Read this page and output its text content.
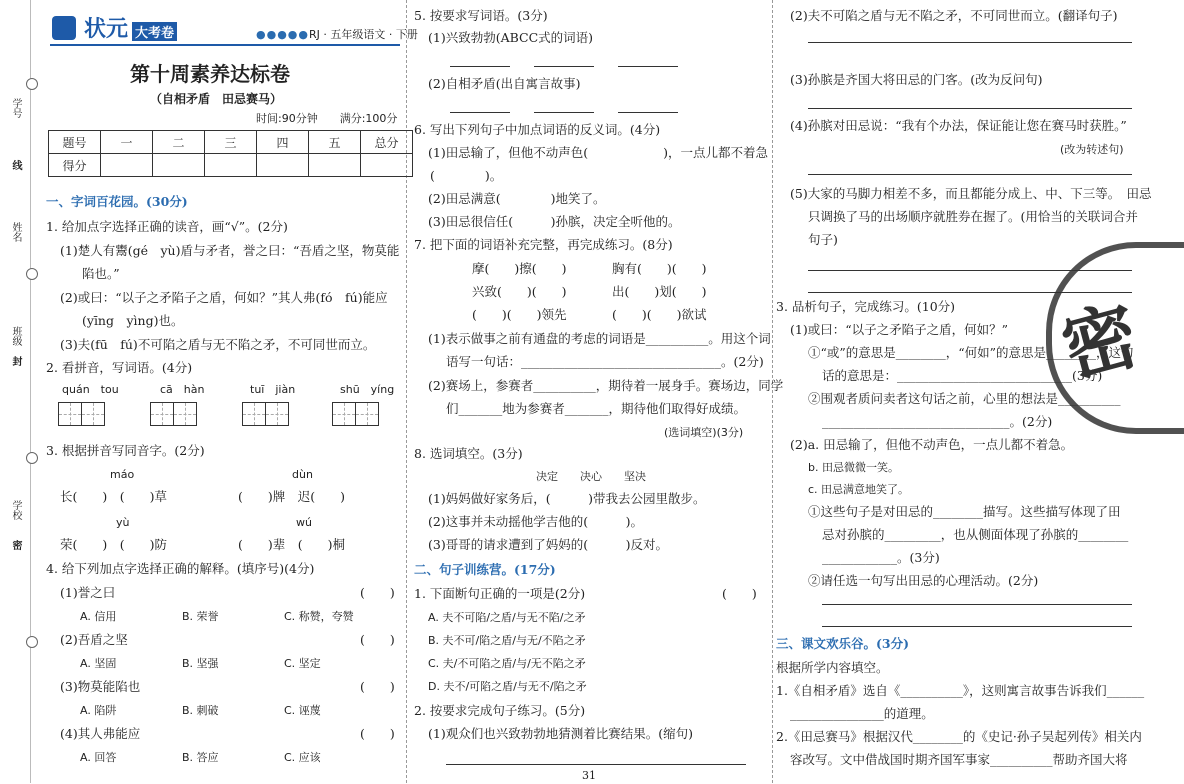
学号
线
姓名
班级
封
学校
密
状元 大考卷	●●●●●RJ · 五年级语文 · 下册
第十周素养达标卷
（自相矛盾　田忌赛马）
时间:90分钟　　满分:100分
题号	一	二	三	四	五	总分
得分						
一、字词百花园。(30分)
1. 给加点字选择正确的读音，画“√”。(2分)
(1)楚人有鬻(gé　yù)盾与矛者，誉之曰：“吾盾之坚，物莫能
陷也。”
(2)或曰：“以子之矛陷子之盾，何如？”其人弗(fó　fú)能应
(yīng　yìng)也。
(3)夫(fū　fú)不可陷之盾与无不陷之矛，不可同世而立。
2. 看拼音，写词语。(4分)
quán　tou	cā　hàn	tuī　jiàn	shū　yíng
3. 根据拼音写同音字。(2分)
máo	dùn
长(　　)　(　　)草	(　　)牌　迟(　　)
yù	wú
荣(　　)　(　　)防	(　　)辈　(　　)桐
4. 给下列加点字选择正确的解释。(填序号)(4分)
(1)誉之曰	(　　)
A. 信用	B. 荣誉	C. 称赞，夸赞
(2)吾盾之坚	(　　)
A. 坚固	B. 坚强	C. 坚定
(3)物莫能陷也	(　　)
A. 陷阱	B. 刺破	C. 诬蔑
(4)其人弗能应	(　　)
A. 回答	B. 答应	C. 应该
5. 按要求写词语。(3分)
(1)兴致勃勃(ABCC式的词语)
(2)自相矛盾(出自寓言故事)
6. 写出下列句子中加点词语的反义词。(4分)
(1)田忌输了，但他不动声色(　　　　　　)，一点儿都不着急
(　　　　)。
(2)田忌满意(　　　　)地笑了。
(3)田忌很信任(　　　)孙膑，决定全听他的。
7. 把下面的词语补充完整，再完成练习。(8分)
摩(　　)擦(　　)	胸有(　　)(　　)
兴致(　　)(　　)	出(　　)划(　　)
(　　)(　　)领先	(　　)(　　)欲试
(1)表示做事之前有通盘的考虑的词语是__________。用这个词
语写一句话：________________________________。(2分)
(2)赛场上，参赛者__________，期待着一展身手。赛场边，同学
们_______地为参赛者_______，期待他们取得好成绩。
(选词填空)(3分)
8. 选词填空。(3分)
决定　　决心　　坚决
(1)妈妈做好家务后，(　　　)带我去公园里散步。
(2)这事并未动摇他学吉他的(　　　)。
(3)哥哥的请求遭到了妈妈的(　　　)反对。
二、句子训练营。(17分)
1. 下面断句正确的一项是(2分)	(　　)
A. 夫不可陷/之盾/与无不陷/之矛
B. 夫不可/陷之盾/与无/不陷之矛
C. 夫/不可陷之盾/与/无不陷之矛
D. 夫不/可陷之盾/与无不/陷之矛
2. 按要求完成句子练习。(5分)
(1)观众们也兴致勃勃地猜测着比赛结果。(缩句)
31
(2)夫不可陷之盾与无不陷之矛，不可同世而立。(翻译句子)
(3)孙膑是齐国大将田忌的门客。(改为反问句)
(4)孙膑对田忌说：“我有个办法，保证能让您在赛马时获胜。”
(改为转述句)
(5)大家的马脚力相差不多，而且都能分成上、中、下三等。　田忌
只调换了马的出场顺序就胜券在握了。(用恰当的关联词合并
句子)
3. 品析句子，完成练习。(10分)
(1)或曰：“以子之矛陷子之盾，何如？”
①“或”的意思是________，“何如”的意思是________，这句
话的意思是：____________________________(3分)
②围观者质问卖者这句话之前，心里的想法是__________
______________________________。(2分)
(2)a. 田忌输了，但他不动声色，一点儿都不着急。
b. 田忌微微一笑。
c. 田忌满意地笑了。
①这些句子是对田忌的________描写。这些描写体现了田
忌对孙膑的_________，也从侧面体现了孙膑的________
____________。(3分)
②请任选一句写出田忌的心理活动。(2分)
三、课文欢乐谷。(3分)
根据所学内容填空。
1.《自相矛盾》选自《__________》，这则寓言故事告诉我们______
_______________的道理。
2.《田忌赛马》根据汉代________的《史记·孙子吴起列传》相关内
容改写。文中借战国时期齐国军事家__________帮助齐国大将
密
